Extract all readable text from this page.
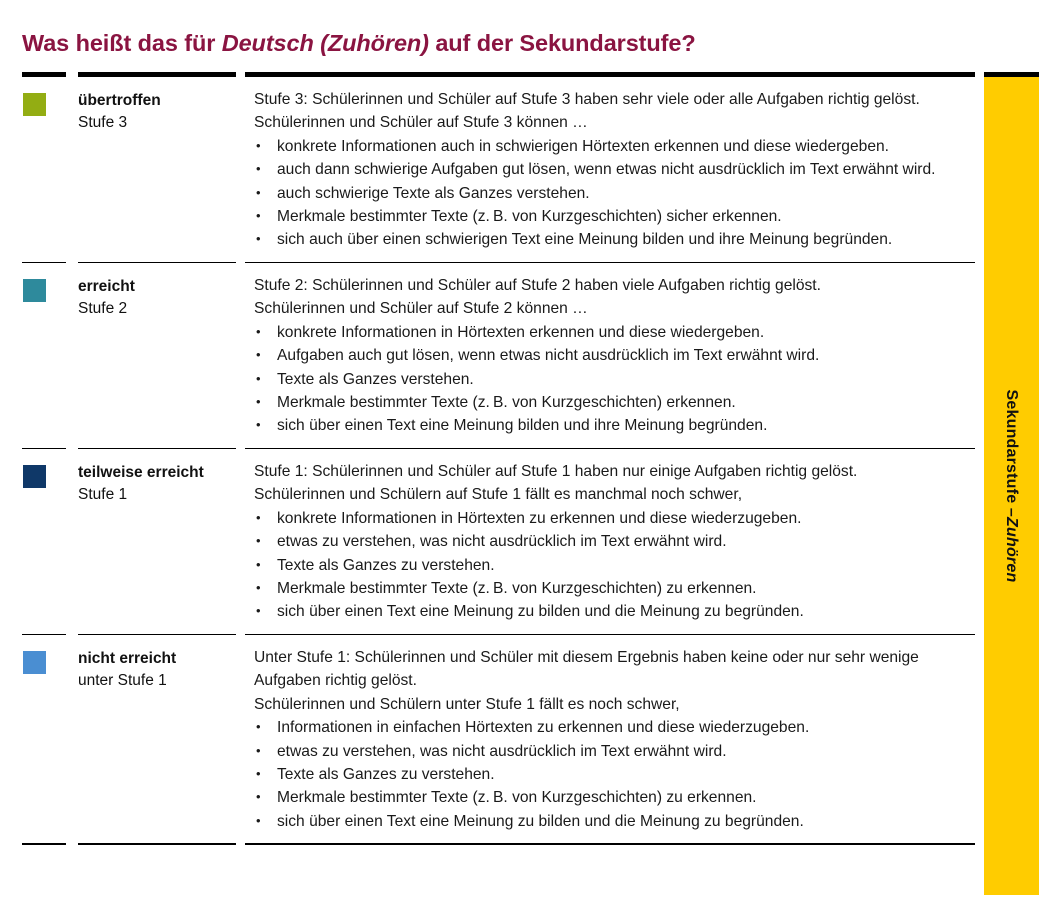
Was heißt das für Deutsch (Zuhören) auf der Sekundarstufe?
übertroffen
Stufe 3

Stufe 3: Schülerinnen und Schüler auf Stufe 3 haben sehr viele oder alle Aufgaben richtig gelöst.

Schülerinnen und Schüler auf Stufe 3 können …

• konkrete Informationen auch in schwierigen Hörtexten erkennen und diese wiedergeben.
• auch dann schwierige Aufgaben gut lösen, wenn etwas nicht ausdrücklich im Text erwähnt wird.
• auch schwierige Texte als Ganzes verstehen.
• Merkmale bestimmter Texte (z. B. von Kurzgeschichten) sicher erkennen.
• sich auch über einen schwierigen Text eine Meinung bilden und ihre Meinung begründen.
erreicht
Stufe 2

Stufe 2: Schülerinnen und Schüler auf Stufe 2 haben viele Aufgaben richtig gelöst.

Schülerinnen und Schüler auf Stufe 2 können …

• konkrete Informationen in Hörtexten erkennen und diese wiedergeben.
• Aufgaben auch gut lösen, wenn etwas nicht ausdrücklich im Text erwähnt wird.
• Texte als Ganzes verstehen.
• Merkmale bestimmter Texte (z. B. von Kurzgeschichten) erkennen.
• sich über einen Text eine Meinung bilden und ihre Meinung begründen.
teilweise erreicht
Stufe 1

Stufe 1: Schülerinnen und Schüler auf Stufe 1 haben nur einige Aufgaben richtig gelöst.

Schülerinnen und Schülern auf Stufe 1 fällt es manchmal noch schwer,

• konkrete Informationen in Hörtexten zu erkennen und diese wiederzugeben.
• etwas zu verstehen, was nicht ausdrücklich im Text erwähnt wird.
• Texte als Ganzes zu verstehen.
• Merkmale bestimmter Texte (z. B. von Kurzgeschichten) zu erkennen.
• sich über einen Text eine Meinung zu bilden und die Meinung zu begründen.
nicht erreicht
unter Stufe 1

Unter Stufe 1: Schülerinnen und Schüler mit diesem Ergebnis haben keine oder nur sehr wenige Aufgaben richtig gelöst.

Schülerinnen und Schülern unter Stufe 1 fällt es noch schwer,

• Informationen in einfachen Hörtexten zu erkennen und diese wiederzugeben.
• etwas zu verstehen, was nicht ausdrücklich im Text erwähnt wird.
• Texte als Ganzes zu verstehen.
• Merkmale bestimmter Texte (z. B. von Kurzgeschichten) zu erkennen.
• sich über einen Text eine Meinung zu bilden und die Meinung zu begründen.
Sekundarstufe –
Zuhören
